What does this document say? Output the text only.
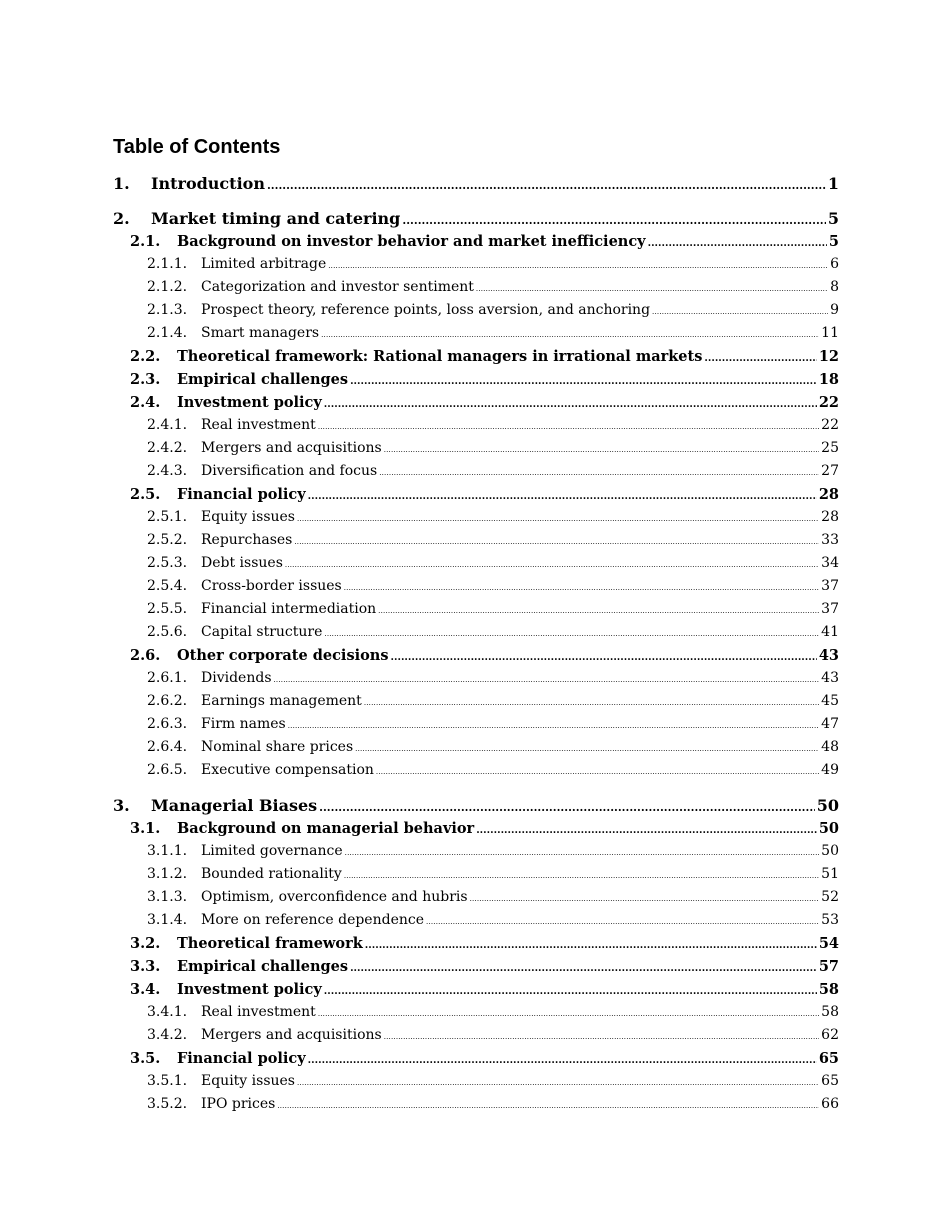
Table of Contents
1.	Introduction .....	1
2.	Market timing and catering .....	5
2.1.	Background on investor behavior and market inefficiency .....	5
2.1.1. Limited arbitrage .....	6
2.1.2. Categorization and investor sentiment .....	8
2.1.3. Prospect theory, reference points, loss aversion, and anchoring .....	9
2.1.4. Smart managers .....	11
2.2.	Theoretical framework: Rational managers in irrational markets .....	12
2.3.	Empirical challenges .....	18
2.4.	Investment policy .....	22
2.4.1. Real investment .....	22
2.4.2. Mergers and acquisitions .....	25
2.4.3. Diversification and focus .....	27
2.5.	Financial policy .....	28
2.5.1. Equity issues .....	28
2.5.2. Repurchases .....	33
2.5.3. Debt issues .....	34
2.5.4. Cross-border issues .....	37
2.5.5. Financial intermediation .....	37
2.5.6. Capital structure .....	41
2.6.	Other corporate decisions .....	43
2.6.1. Dividends .....	43
2.6.2. Earnings management .....	45
2.6.3. Firm names .....	47
2.6.4. Nominal share prices .....	48
2.6.5. Executive compensation .....	49
3.	Managerial Biases .....	50
3.1.	Background on managerial behavior .....	50
3.1.1. Limited governance .....	50
3.1.2. Bounded rationality .....	51
3.1.3. Optimism, overconfidence and hubris .....	52
3.1.4. More on reference dependence .....	53
3.2.	Theoretical framework .....	54
3.3.	Empirical challenges .....	57
3.4.	Investment policy .....	58
3.4.1. Real investment .....	58
3.4.2. Mergers and acquisitions .....	62
3.5.	Financial policy .....	65
3.5.1. Equity issues .....	65
3.5.2. IPO prices .....	66
